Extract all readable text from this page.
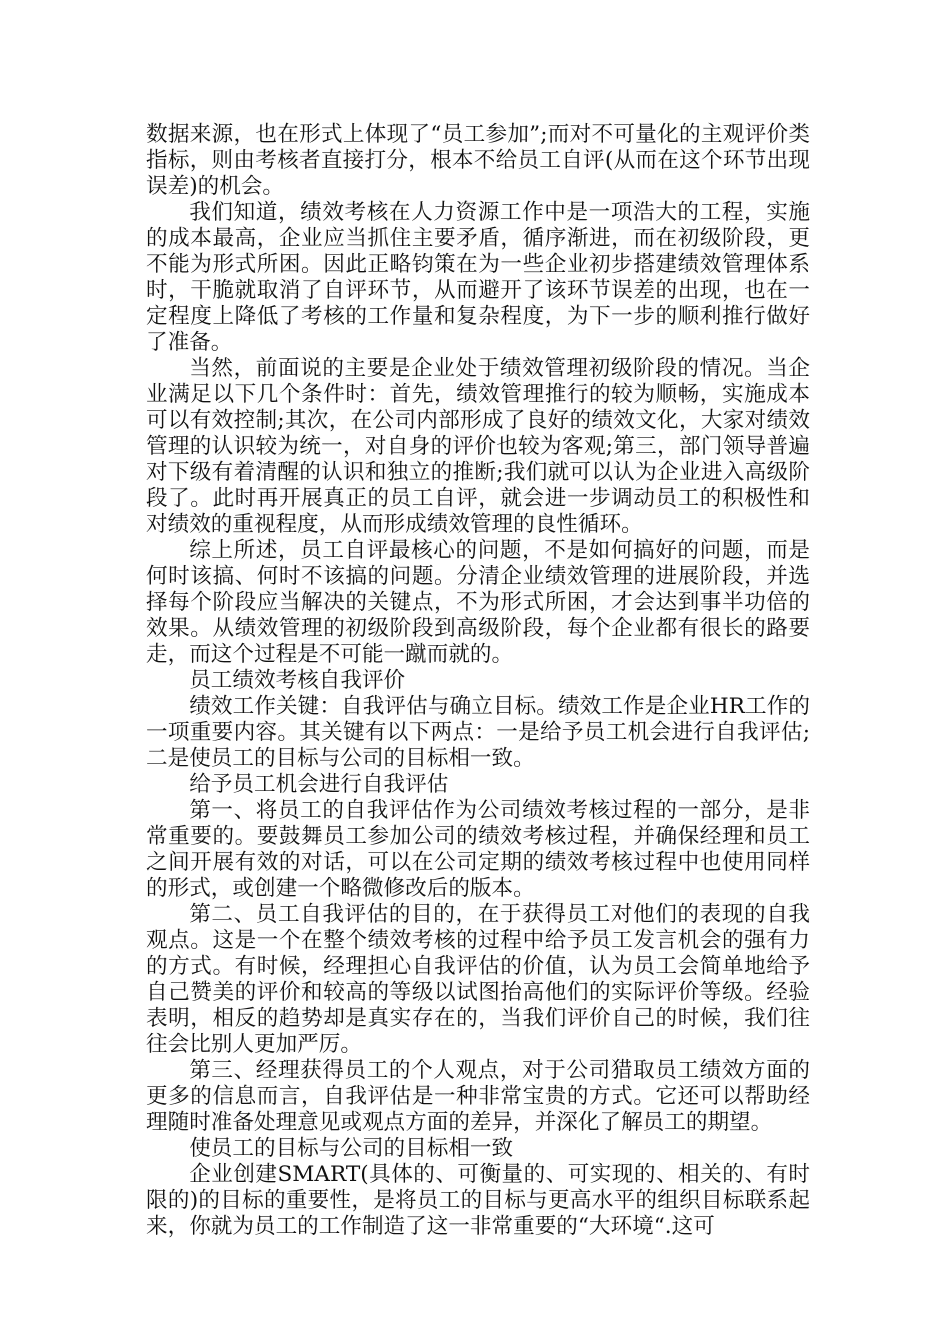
数据来源，也在形式上体现了“员工参加”;而对不可量化的主观评价类指标，则由考核者直接打分，根本不给员工自评(从而在这个环节出现误差)的机会。

我们知道，绩效考核在人力资源工作中是一项浩大的工程，实施的成本最高，企业应当抓住主要矛盾，循序渐进，而在初级阶段，更不能为形式所困。因此正略钧策在为一些企业初步搭建绩效管理体系时，干脆就取消了自评环节，从而避开了该环节误差的出现，也在一定程度上降低了考核的工作量和复杂程度，为下一步的顺利推行做好了准备。

当然，前面说的主要是企业处于绩效管理初级阶段的情况。当企业满足以下几个条件时：首先，绩效管理推行的较为顺畅，实施成本可以有效控制;其次，在公司内部形成了良好的绩效文化，大家对绩效管理的认识较为统一，对自身的评价也较为客观;第三，部门领导普遍对下级有着清醒的认识和独立的推断;我们就可以认为企业进入高级阶段了。此时再开展真正的员工自评，就会进一步调动员工的积极性和对绩效的重视程度，从而形成绩效管理的良性循环。

综上所述，员工自评最核心的问题，不是如何搞好的问题，而是何时该搞、何时不该搞的问题。分清企业绩效管理的进展阶段，并选择每个阶段应当解决的关键点，不为形式所困，才会达到事半功倍的效果。从绩效管理的初级阶段到高级阶段，每个企业都有很长的路要走，而这个过程是不可能一蹴而就的。

员工绩效考核自我评价

绩效工作关键：自我评估与确立目标。绩效工作是企业HR工作的一项重要内容。其关键有以下两点：一是给予员工机会进行自我评估;二是使员工的目标与公司的目标相一致。

给予员工机会进行自我评估

第一、将员工的自我评估作为公司绩效考核过程的一部分，是非常重要的。要鼓舞员工参加公司的绩效考核过程，并确保经理和员工之间开展有效的对话，可以在公司定期的绩效考核过程中也使用同样的形式，或创建一个略微修改后的版本。

第二、员工自我评估的目的，在于获得员工对他们的表现的自我观点。这是一个在整个绩效考核的过程中给予员工发言机会的强有力的方式。有时候，经理担心自我评估的价值，认为员工会简单地给予自己赞美的评价和较高的等级以试图抬高他们的实际评价等级。经验表明，相反的趋势却是真实存在的，当我们评价自己的时候，我们往往会比别人更加严厉。

第三、经理获得员工的个人观点，对于公司猎取员工绩效方面的更多的信息而言，自我评估是一种非常宝贵的方式。它还可以帮助经理随时准备处理意见或观点方面的差异，并深化了解员工的期望。

使员工的目标与公司的目标相一致

企业创建SMART(具体的、可衡量的、可实现的、相关的、有时限的)的目标的重要性，是将员工的目标与更高水平的组织目标联系起来，你就为员工的工作制造了这一非常重要的“大环境“.这可
